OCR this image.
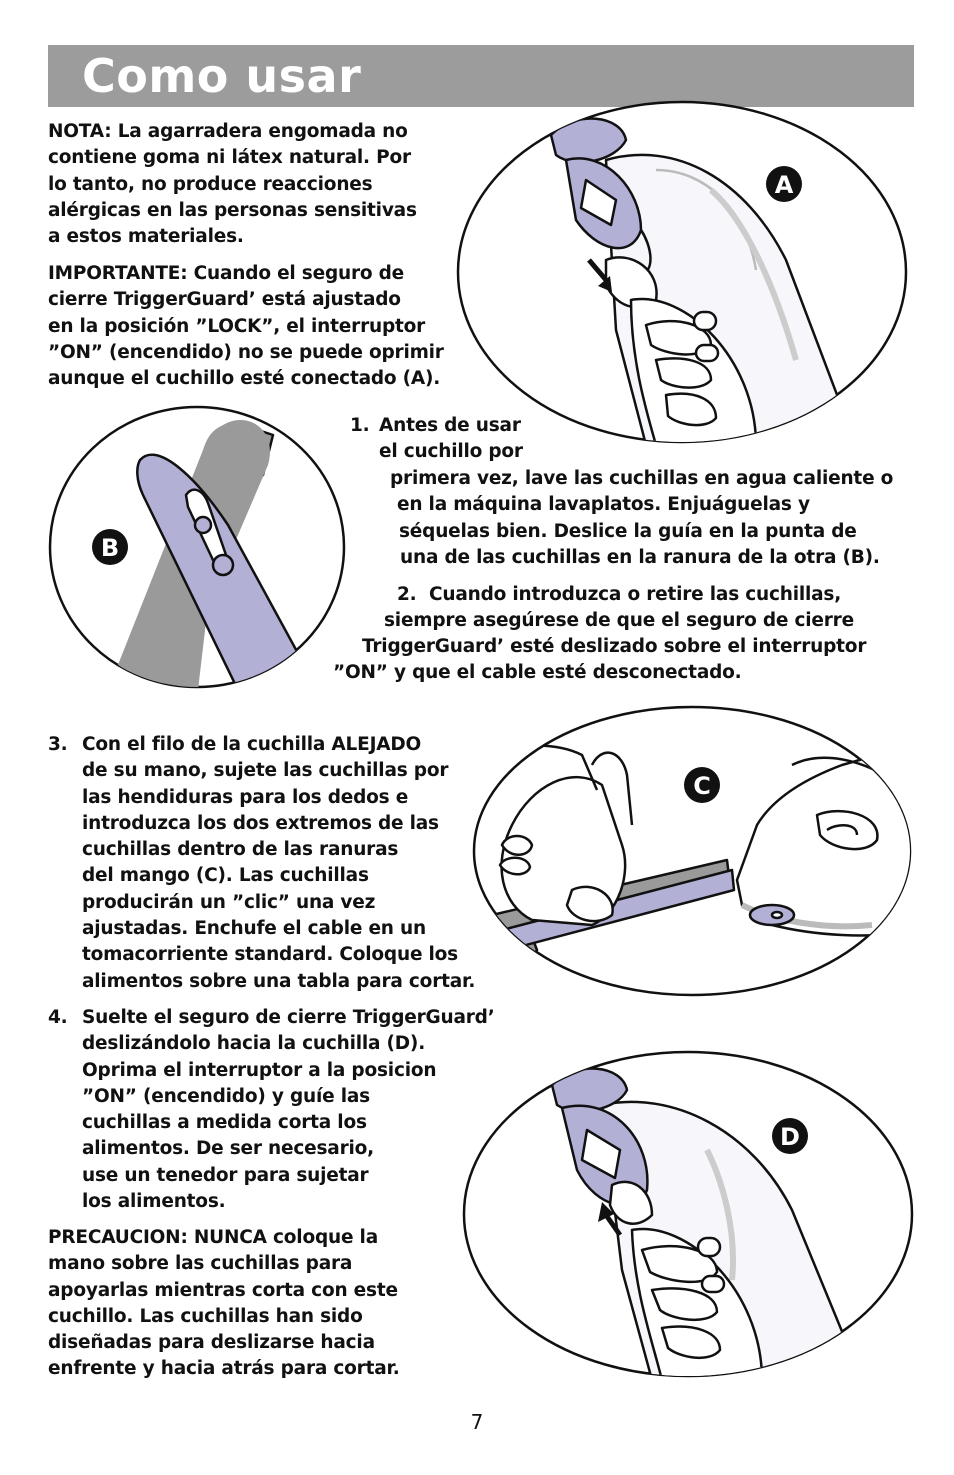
Como usar
NOTA: La agarradera engomada no
contiene goma ni látex natural. Por
lo tanto, no produce reacciones
alérgicas en las personas sensitivas
a estos materiales.
IMPORTANTE: Cuando el seguro de
cierre TriggerGuard’ está ajustado
en la posición ”LOCK”, el interruptor
”ON” (encendido) no se puede oprimir
aunque el cuchillo esté conectado (A).
A
B
1. Antes de usar
el cuchillo por
primera vez, lave las cuchillas en agua caliente o
en la máquina lavaplatos. Enjuáguelas y
séquelas bien. Deslice la guía en la punta de
una de las cuchillas en la ranura de la otra (B).
2. Cuando introduzca o retire las cuchillas,
siempre asegúrese de que el seguro de cierre
TriggerGuard’ esté deslizado sobre el interruptor
”ON” y que el cable esté desconectado.
3. Con el filo de la cuchilla ALEJADO
de su mano, sujete las cuchillas por
las hendiduras para los dedos e
introduzca los dos extremos de las
cuchillas dentro de las ranuras
del mango (C). Las cuchillas
producirán un ”clic” una vez
ajustadas. Enchufe el cable en un
tomacorriente standard. Coloque los
alimentos sobre una tabla para cortar.
C
4. Suelte el seguro de cierre TriggerGuard’
deslizándolo hacia la cuchilla (D).
Oprima el interruptor a la posicion
”ON” (encendido) y guíe las
cuchillas a medida corta los
alimentos. De ser necesario,
use un tenedor para sujetar
los alimentos.
D
PRECAUCION: NUNCA coloque la
mano sobre las cuchillas para
apoyarlas mientras corta con este
cuchillo. Las cuchillas han sido
diseñadas para deslizarse hacia
enfrente y hacia atrás para cortar.
7
